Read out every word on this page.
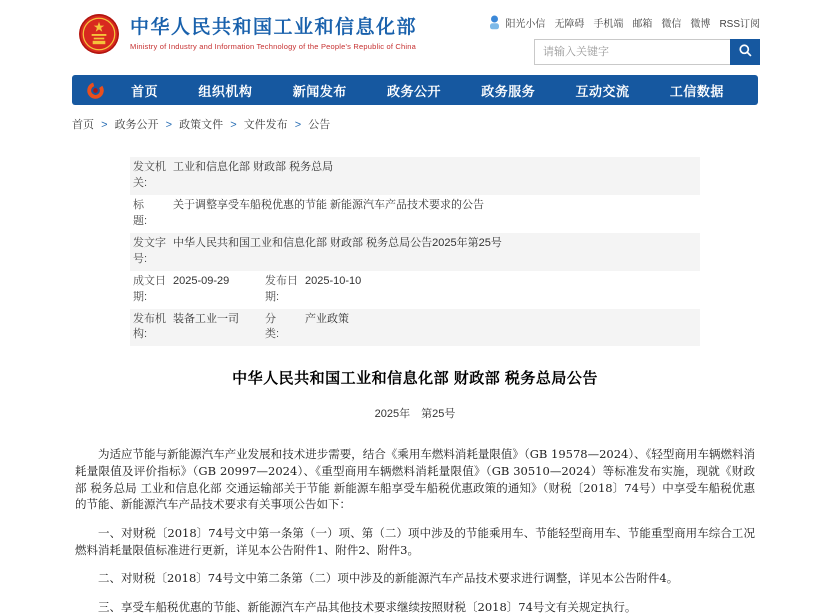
中华人民共和国工业和信息化部

Ministry of Industry and Information Technology of the People's Republic of China

阳光小信 无障碍 手机端 邮箱 微信 微博 RSS订阅
请输入关键字
首页	组织机构	新闻发布	政务公开	政务服务	互动交流	工信数据
首页 > 政务公开 > 政策文件 > 文件发布 > 公告
发文机关:	工业和信息化部 财政部 税务总局		
标　　题:	关于调整享受车船税优惠的节能 新能源汽车产品技术要求的公告		
发文字号:	中华人民共和国工业和信息化部 财政部 税务总局公告2025年第25号		
成文日期:	2025-09-29	发布日期:	2025-10-10
发布机构:	装备工业一司	分　　类:	产业政策
中华人民共和国工业和信息化部 财政部 税务总局公告
2025年　第25号

为适应节能与新能源汽车产业发展和技术进步需要，结合《乘用车燃料消耗量限值》（GB 19578—2024）、《轻型商用车辆燃料消耗量限值及评价指标》（GB 20997—2024）、《重型商用车辆燃料消耗量限值》（GB 30510—2024）等标准发布实施，现就《财政部 税务总局 工业和信息化部 交通运输部关于节能 新能源车船享受车船税优惠政策的通知》（财税〔2018〕74号）中享受车船税优惠的节能、新能源汽车产品技术要求有关事项公告如下：

一、对财税〔2018〕74号文中第一条第（一）项、第（二）项中涉及的节能乘用车、节能轻型商用车、节能重型商用车综合工况燃料消耗量限值标准进行更新，详见本公告附件1、附件2、附件3。

二、对财税〔2018〕74号文中第二条第（二）项中涉及的新能源汽车产品技术要求进行调整，详见本公告附件4。

三、享受车船税优惠的节能、新能源汽车产品其他技术要求继续按照财税〔2018〕74号文有关规定执行。
